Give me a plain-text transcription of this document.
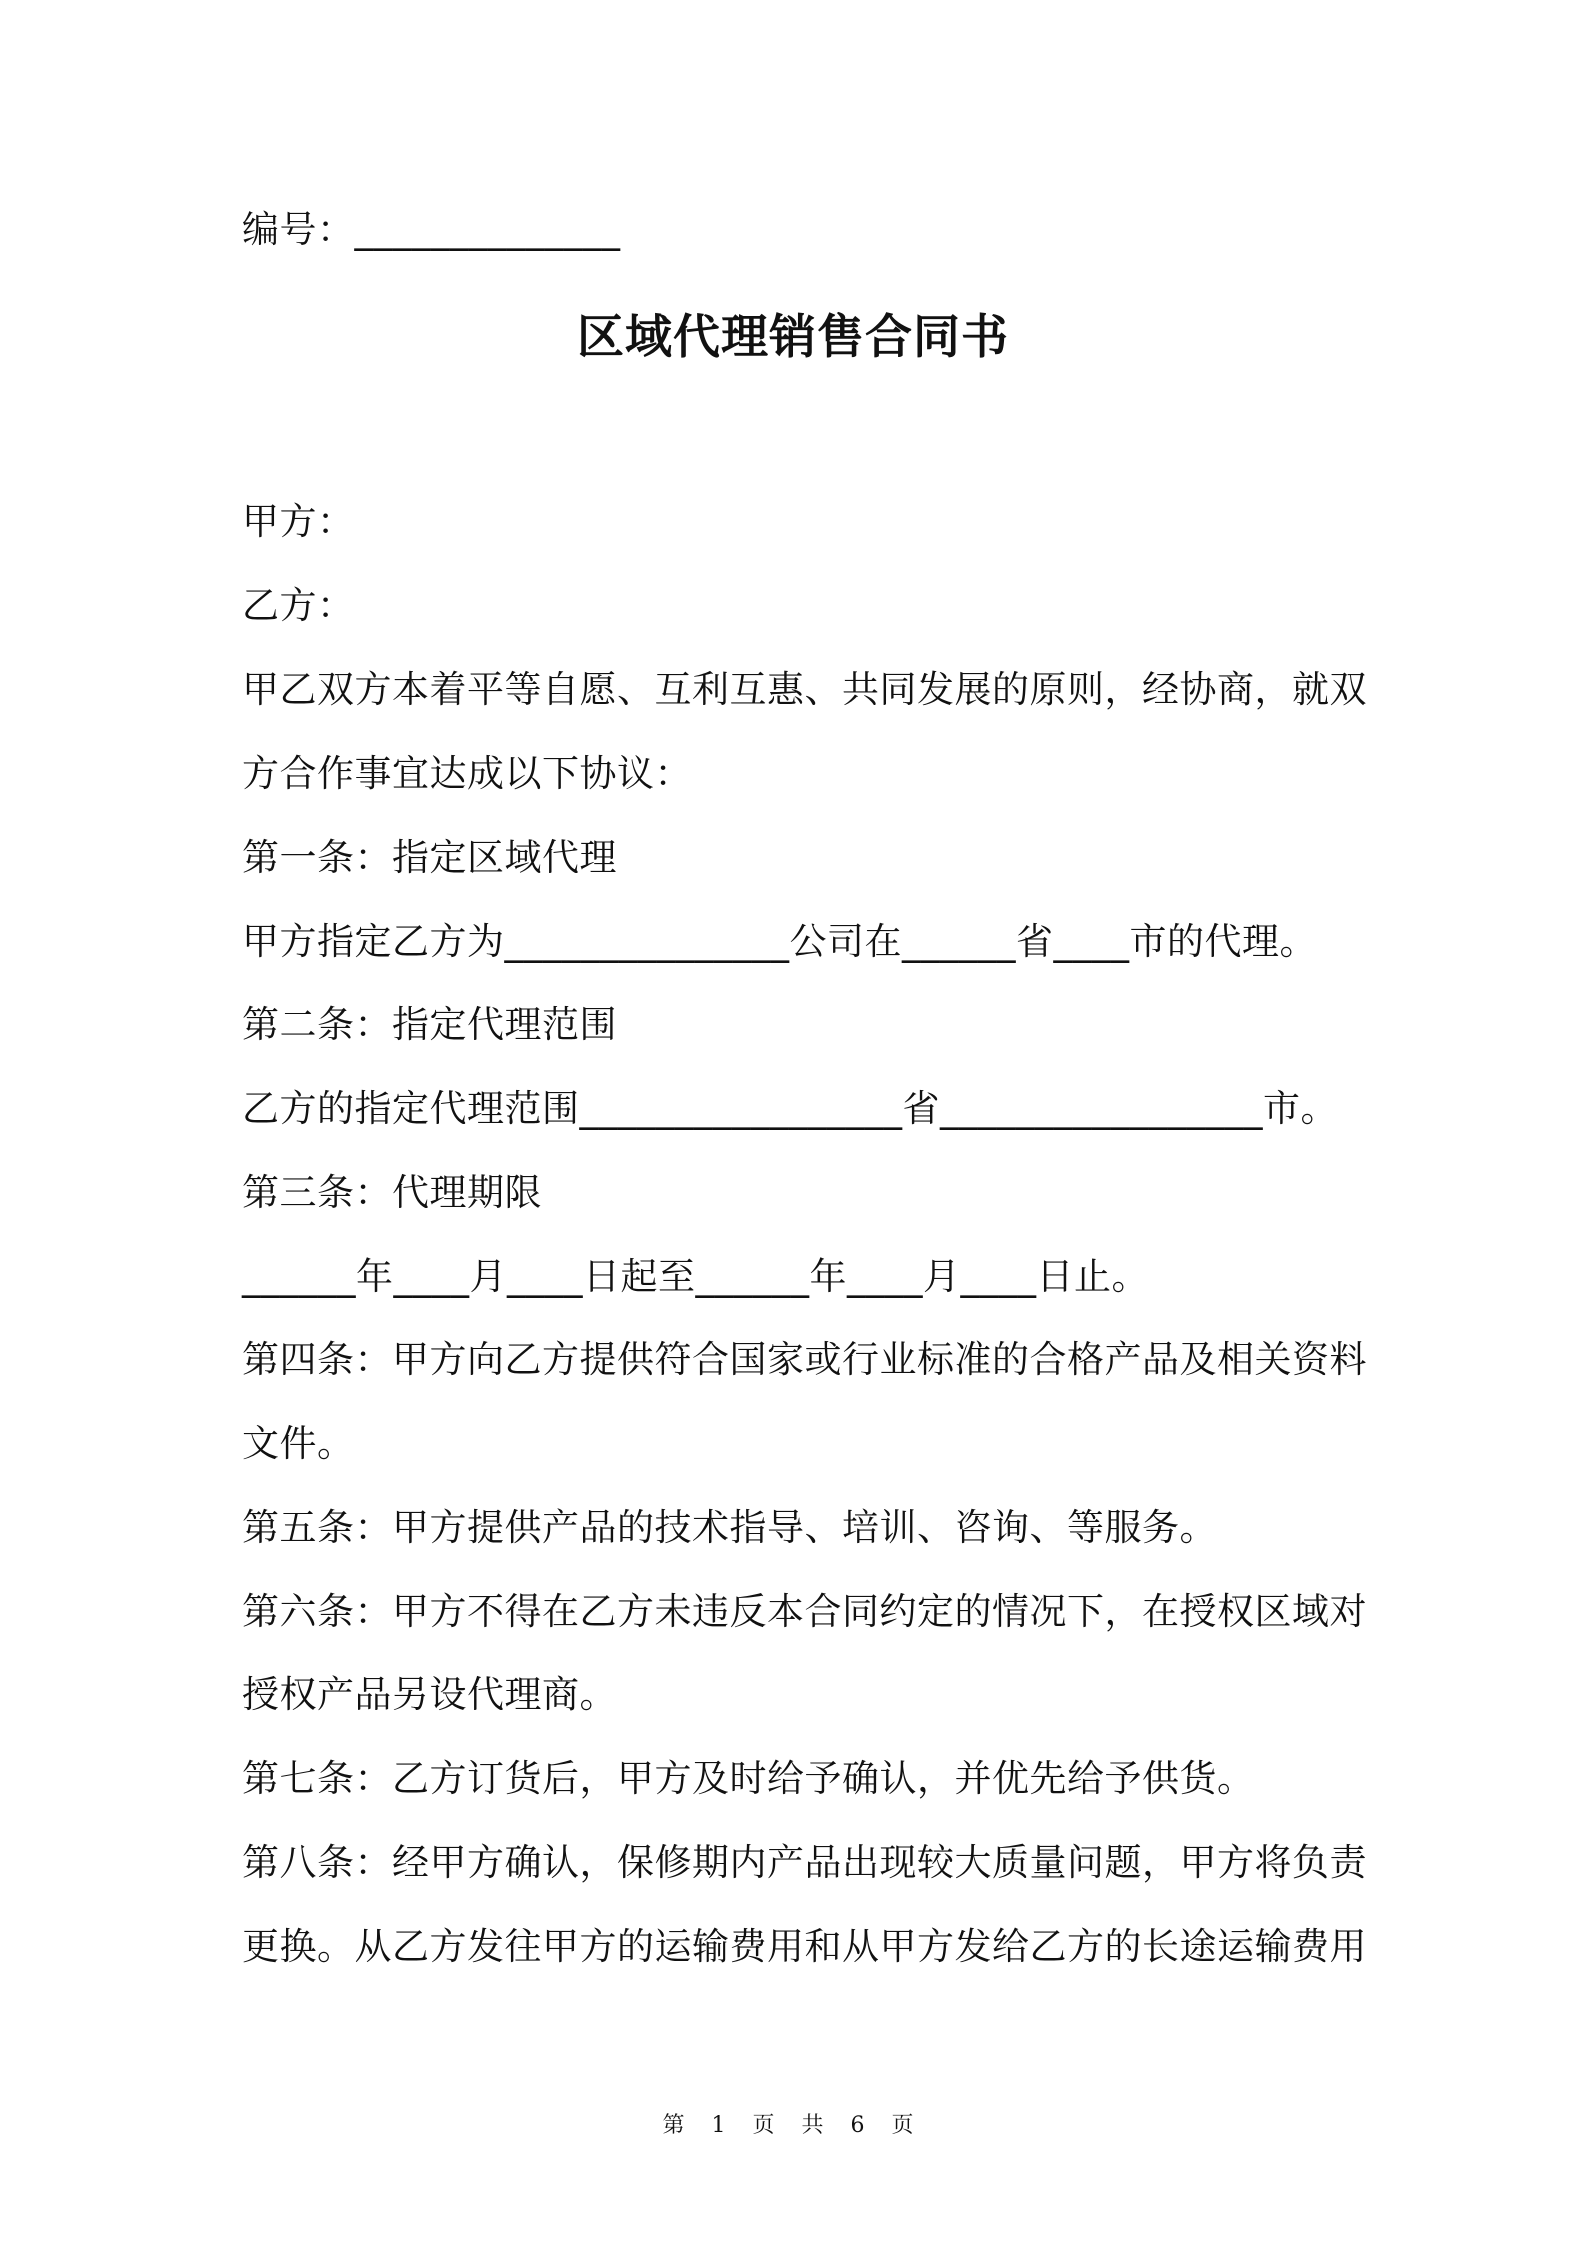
编号：______________
区域代理销售合同书
甲方：
乙方：
甲乙双方本着平等自愿、互利互惠、共同发展的原则，经协商，就双
方合作事宜达成以下协议：
第一条：指定区域代理
甲方指定乙方为_______________公司在______省____市的代理。
第二条：指定代理范围
乙方的指定代理范围_________________省_________________市。
第三条：代理期限
______年____月____日起至______年____月____日止。
第四条：甲方向乙方提供符合国家或行业标准的合格产品及相关资料
文件。
第五条：甲方提供产品的技术指导、培训、咨询、等服务。
第六条：甲方不得在乙方未违反本合同约定的情况下，在授权区域对
授权产品另设代理商。
第七条：乙方订货后，甲方及时给予确认，并优先给予供货。
第八条：经甲方确认，保修期内产品出现较大质量问题，甲方将负责
更换。从乙方发往甲方的运输费用和从甲方发给乙方的长途运输费用
第 1 页 共 6 页
